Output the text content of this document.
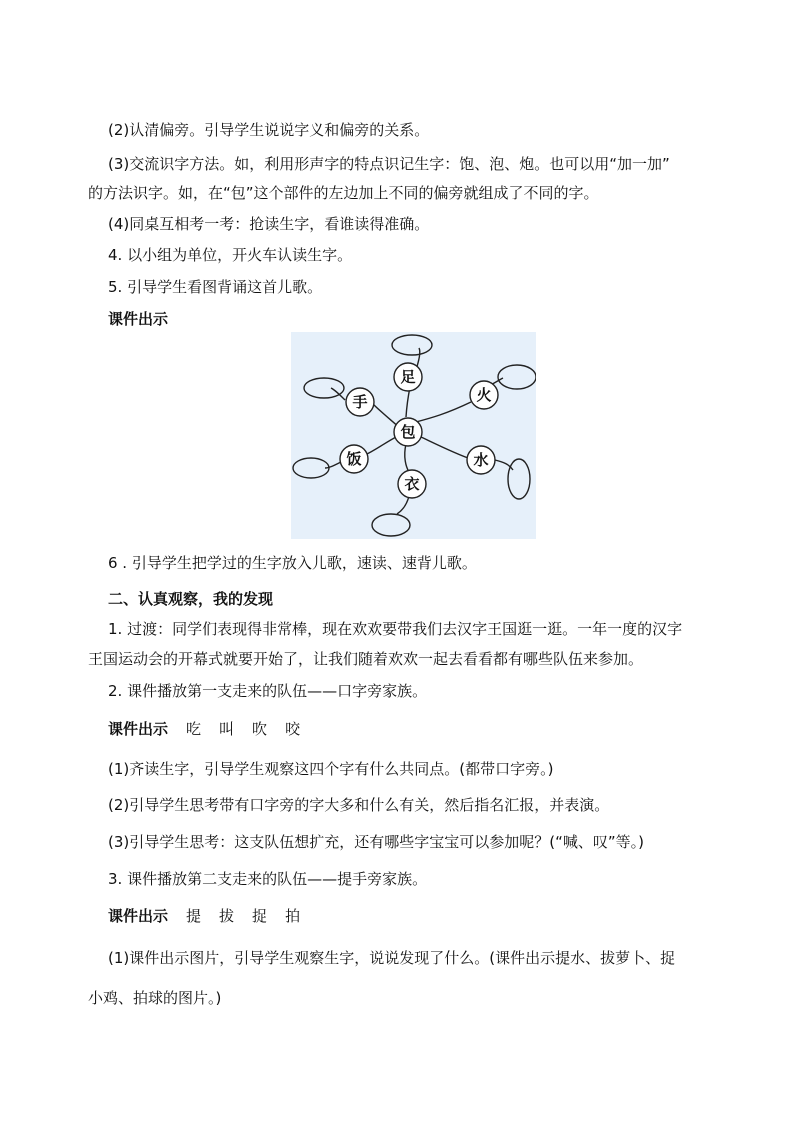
(2)认清偏旁。引导学生说说字义和偏旁的关系。
(3)交流识字方法。如，利用形声字的特点识记生字：饱、泡、炮。也可以用“加一加”
的方法识字。如，在“包”这个部件的左边加上不同的偏旁就组成了不同的字。
(4)同桌互相考一考：抢读生字，看谁读得准确。
4. 以小组为单位，开火车认读生字。
5. 引导学生看图背诵这首儿歌。
课件出示
包
足
手	火
饭	水
衣
6 . 引导学生把学过的生字放入儿歌，速读、速背儿歌。
二、认真观察，我的发现
1. 过渡：同学们表现得非常棒，现在欢欢要带我们去汉字王国逛一逛。一年一度的汉字
王国运动会的开幕式就要开始了，让我们随着欢欢一起去看看都有哪些队伍来参加。
2. 课件播放第一支走来的队伍——口字旁家族。
课件出示 吃 叫 吹 咬
(1)齐读生字，引导学生观察这四个字有什么共同点。(都带口字旁。)
(2)引导学生思考带有口字旁的字大多和什么有关，然后指名汇报，并表演。
(3)引导学生思考：这支队伍想扩充，还有哪些字宝宝可以参加呢？(“喊、叹”等。)
3. 课件播放第二支走来的队伍——提手旁家族。
课件出示 提 拔 捉 拍
(1)课件出示图片，引导学生观察生字，说说发现了什么。(课件出示提水、拔萝卜、捉
小鸡、拍球的图片。)
